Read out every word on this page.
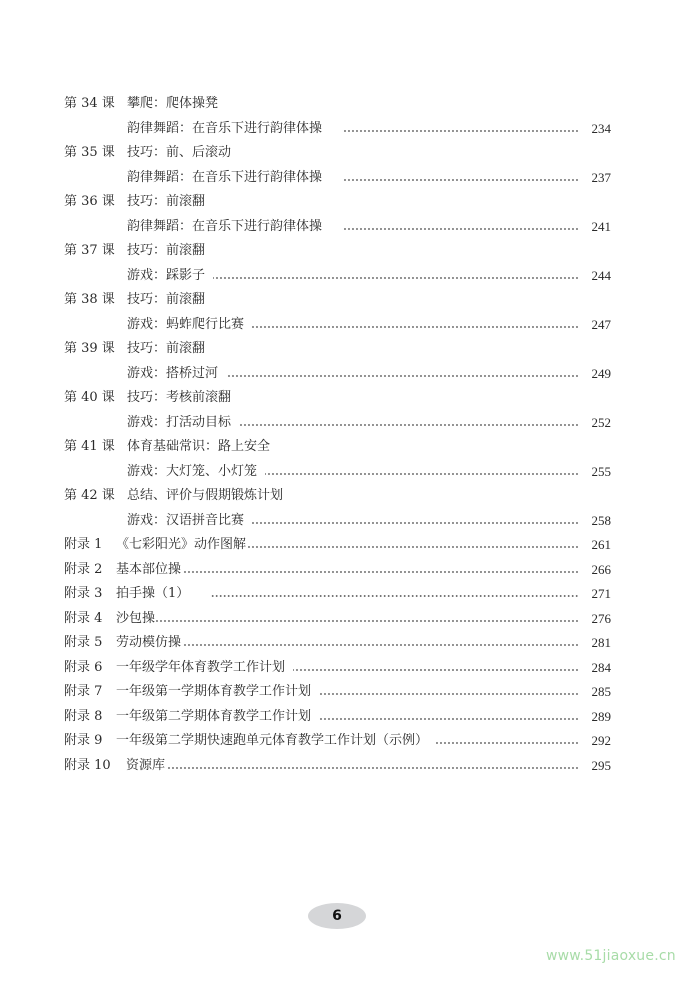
第 34 课 攀爬：爬体操凳
韵律舞蹈：在音乐下进行韵律体操	234
第 35 课 技巧：前、后滚动
韵律舞蹈：在音乐下进行韵律体操	237
第 36 课 技巧：前滚翻
韵律舞蹈：在音乐下进行韵律体操	241
第 37 课 技巧：前滚翻
游戏：踩影子	244
第 38 课 技巧：前滚翻
游戏：蚂蚱爬行比赛	247
第 39 课 技巧：前滚翻
游戏：搭桥过河	249
第 40 课 技巧：考核前滚翻
游戏：打活动目标	252
第 41 课 体育基础常识：路上安全
游戏：大灯笼、小灯笼	255
第 42 课 总结、评价与假期锻炼计划
游戏：汉语拼音比赛	258
附录 1	《七彩阳光》动作图解	261
附录 2	基本部位操	266
附录 3	拍手操（1）	271
附录 4	沙包操	276
附录 5	劳动模仿操	281
附录 6	一年级学年体育教学工作计划	284
附录 7	一年级第一学期体育教学工作计划	285
附录 8	一年级第二学期体育教学工作计划	289
附录 9	一年级第二学期快速跑单元体育教学工作计划（示例）	292
附录 10	资源库	295
6
www.51jiaoxue.cn
